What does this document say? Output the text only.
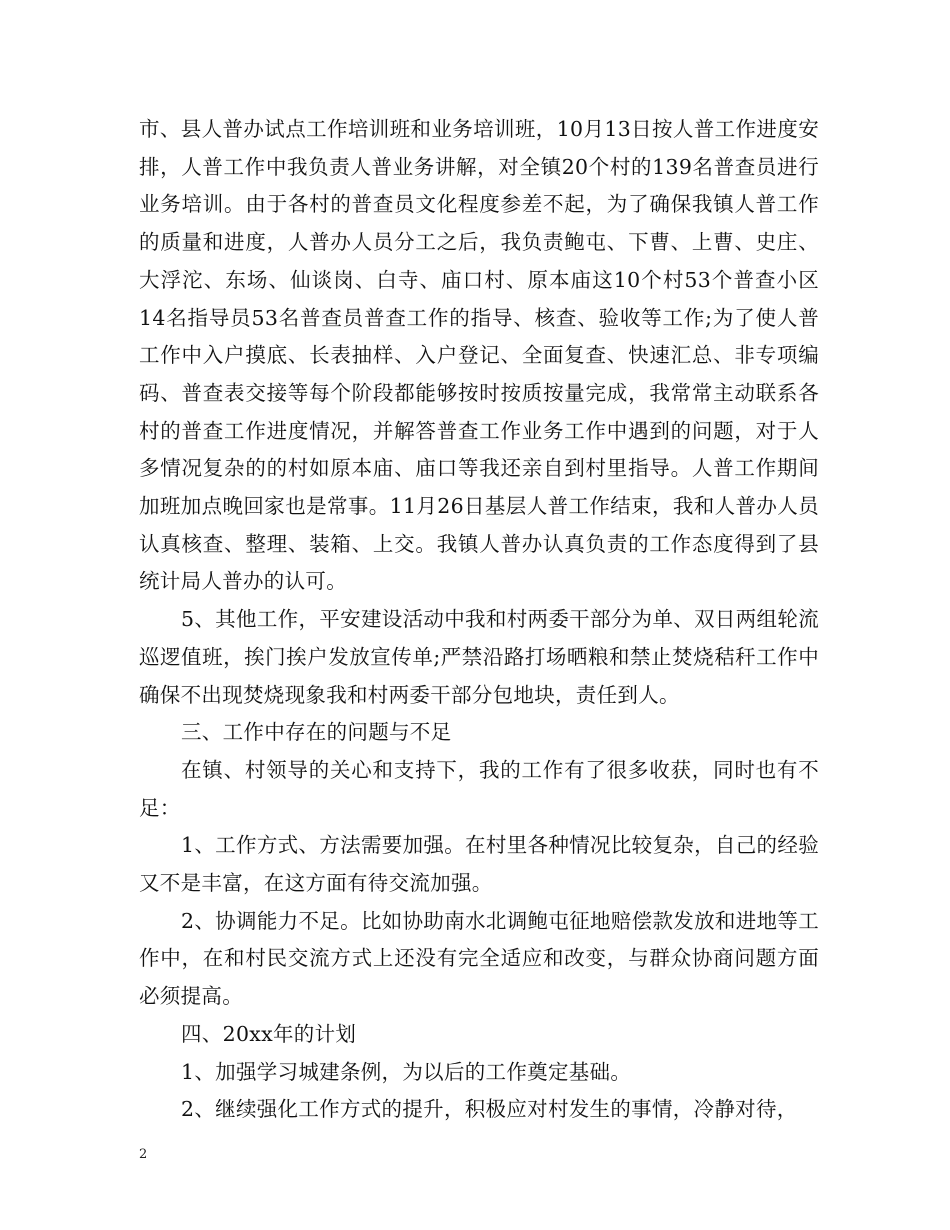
市、县人普办试点工作培训班和业务培训班，10月13日按人普工作进度安排，人普工作中我负责人普业务讲解，对全镇20个村的139名普查员进行业务培训。由于各村的普查员文化程度参差不起，为了确保我镇人普工作的质量和进度，人普办人员分工之后，我负责鲍屯、下曹、上曹、史庄、大浮沱、东场、仙谈岗、白寺、庙口村、原本庙这10个村53个普查小区14名指导员53名普查员普查工作的指导、核查、验收等工作;为了使人普工作中入户摸底、长表抽样、入户登记、全面复查、快速汇总、非专项编码、普查表交接等每个阶段都能够按时按质按量完成，我常常主动联系各村的普查工作进度情况，并解答普查工作业务工作中遇到的问题，对于人多情况复杂的的村如原本庙、庙口等我还亲自到村里指导。人普工作期间加班加点晚回家也是常事。11月26日基层人普工作结束，我和人普办人员认真核查、整理、装箱、上交。我镇人普办认真负责的工作态度得到了县统计局人普办的认可。

5、其他工作，平安建设活动中我和村两委干部分为单、双日两组轮流巡逻值班，挨门挨户发放宣传单;严禁沿路打场晒粮和禁止焚烧秸秆工作中确保不出现焚烧现象我和村两委干部分包地块，责任到人。

三、工作中存在的问题与不足

在镇、村领导的关心和支持下，我的工作有了很多收获，同时也有不足：

1、工作方式、方法需要加强。在村里各种情况比较复杂，自己的经验又不是丰富，在这方面有待交流加强。

2、协调能力不足。比如协助南水北调鲍屯征地赔偿款发放和进地等工作中，在和村民交流方式上还没有完全适应和改变，与群众协商问题方面必须提高。

四、20xx年的计划

1、加强学习城建条例，为以后的工作奠定基础。

2、继续强化工作方式的提升，积极应对村发生的事情，冷静对待，

2
